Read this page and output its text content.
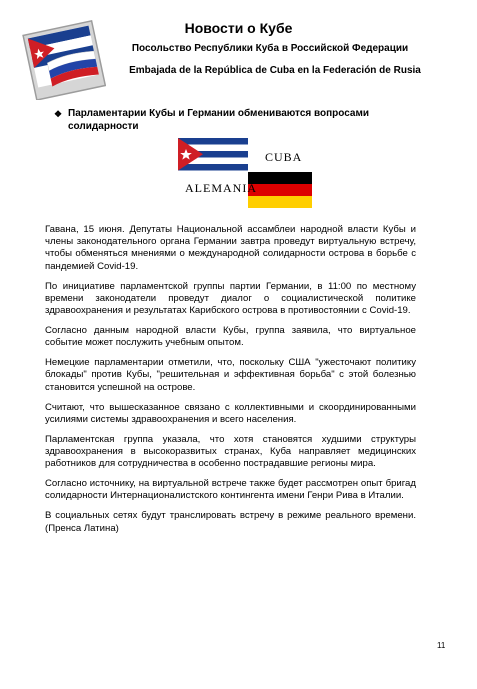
Новости о Кубе
Посольство Республики Куба в Российской Федерации
Embajada de la República de Cuba en la Federación de Rusia
❖ Парламентарии Кубы и Германии обмениваются вопросами солидарности
CUBA
ALEMANIA

Гавана, 15 июня. Депутаты Национальной ассамблеи народной власти Кубы и члены законодательного органа Германии завтра проведут виртуальную встречу, чтобы обменяться мнениями о международной солидарности острова в борьбе с пандемией Covid-19.

По инициативе парламентской группы партии Германии, в 11:00 по местному времени законодатели проведут диалог о социалистической политике здравоохранения и результатах Карибского острова в противостоянии с Covid-19.

Согласно данным народной власти Кубы, группа заявила, что виртуальное событие может послужить учебным опытом.

Немецкие парламентарии отметили, что, поскольку США "ужесточают политику блокады" против Кубы, "решительная и эффективная борьба" с этой болезнью становится успешной на острове.

Считают, что вышесказанное связано с коллективными и скоординированными усилиями системы здравоохранения и всего населения.

Парламентская группа указала, что хотя становятся худшими структуры здравоохранения в высокоразвитых странах, Куба направляет медицинских работников для сотрудничества в особенно пострадавшие регионы мира.

Согласно источнику, на виртуальной встрече также будет рассмотрен опыт бригад солидарности Интернационалистского контингента имени Генри Рива в Италии.

В социальных сетях будут транслировать встречу в режиме реального времени. (Пренса Латина)

11
